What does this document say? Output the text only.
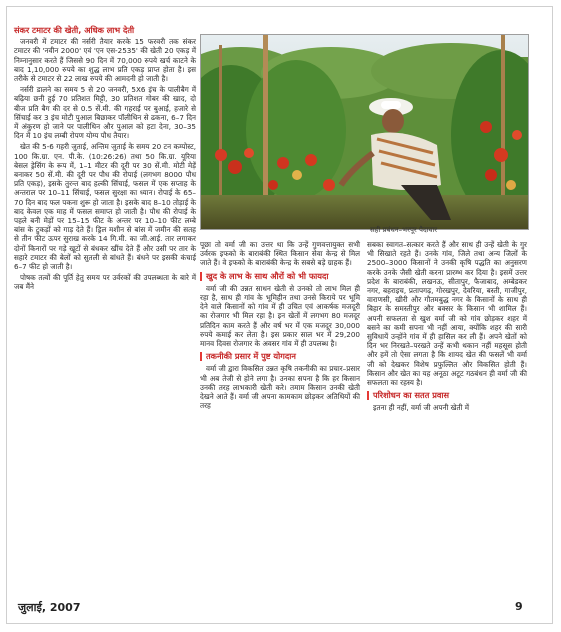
संकर टमाटर की खेती, अधिक लाभ देती

जनवरी में टमाटर की नर्सरी तैयार करके 15 फरवरी तक संकर टमाटर की 'नवीन 2000' एवं 'एन एस-2535' की खेती 20 एकड़ में निम्नानुसार करते हैं जिससे 90 दिन में 70,000 रुपये खर्च काटने के बाद 1,10,000 रुपये का शुद्ध लाभ प्रति एकड़ प्राप्त होता है। इस तरीके से टमाटर से 22 लाख रुपये की आमदनी हो जाती है।

नर्सरी डालने का समय 5 से 20 जनवरी, 5X6 इंच के पालीबैग में बढ़िया छनी हुई 70 प्रतिशत मिट्टी, 30 प्रतिशत गोबर की खाद, दो बीज प्रति बैग की दर से 0.5 सें.मी. की गहराई पर बुआई, हजारे से सिंचाई कर 3 इंच मोटी पुआल बिछाकर पॉलीथिन से ढकना, 6–7 दिन में अंकुरण हो जाने पर पालीथिन और पुआल को हटा देना, 30–35 दिन में 10 इंच लम्बी रोपण योग्य पौध तैयार।

खेत की 5-6 गहरी जुताई, अन्तिम जुताई के समय 20 टन कम्पोस्ट, 100 कि.ग्रा. एन. पी.के. (10:26:26) तथा 50 कि.ग्रा. यूरिया बेसल ड्रेसिंग के रूप में, 1–1 मीटर की दूरी पर 30 सें.मी. मोटी मेड़ें बनाकर 50 सें.मी. की दूरी पर पौध की रोपाई (लगभग 8000 पौध प्रति एकड़), इसके तुरन्त बाद हल्की सिंचाई, फसल में एक सप्ताह के अन्तराल पर 10–11 सिंचाई, फसल सुरक्षा का ध्यान। रोपाई के 65–70 दिन बाद फल पकना शुरू हो जाता है। इसके बाद 8–10 तोड़ाई के बाद केवल एक माह में फसल समाप्त हो जाती है। पौध की रोपाई के पहले बनी मेड़ों पर 15–15 फीट के अन्तर पर 10–10 फीट लम्बे बांस के टुकड़ों को गाड़ देते हैं। ड्रिल मशीन से बांस में जमीन की सतह से तीन फीट ऊपर सुराख करके 14 गि.मी. का जी.आई. तार लगाकर दोनों किनारों पर गड़े खूटों से बंधकर खींच देते हैं और उसी पर तार के सहारे टमाटर की बेलों को सुतली से बांधते हैं। बंधने पर इसकी कंचाई 6–7 फीट हो जाती है।

पोषक तत्वों की पूर्ति हेतु समय पर उर्वरकों की उपलब्धता के बारे में जब मैंने

सही प्रबंधन–भरपूर पैदावार

पूछा तो वर्मा जी का उत्तर था कि उन्हें गुणवत्तायुक्त सभी उर्वरक इफको के बाराबंकी स्थित किसान सेवा केन्द्र से मिल जाते हैं। वे इफको के बाराबंकी केन्द्र के सबसे बड़े ग्राहक हैं।

खुद के लाभ के साथ औरों को भी फायदा

वर्मा जी की उन्नत साधन खेती से उनको तो लाभ मिल ही रहा है, साथ ही गांव के भूमिहीन तथा उनसे किराये पर भूमि देने वाले किसानों को गांव में ही उचित एवं आकर्षक मजदूरी का रोजगार भी मिल रहा है। इन खेतों में लगभग 80 मजदूर प्रतिदिन काम करते हैं और वर्ष भर में एक मजदूर 30,000 रुपये कमाई कर लेता है। इस प्रकार साल भर में 29,200 मानव दिवस रोजगार के अवसर गांव में ही उपलब्ध है।

तकनीकी प्रसार में पुष्ट योगदान

वर्मा जी द्वारा विकसित उन्नत कृषि तकनीकी का प्रचार–प्रसार भी अब तेजी से होने लगा है। उनका सपना है कि हर किसान उनकी तरह लाभकारी खेती करे। तमाम किसान उनकी खेती देखने आते हैं। वर्मा जी अपना कामकाम छोड़कर अतिथियों की तरह

सबका स्वागत–सत्कार करते हैं और साथ ही उन्हें खेती के गुर भी सिखाते रहते हैं। उनके गांव, जिले तथा अन्य जिलों के 2500–3000 किसानों ने उनकी कृषि पद्धति का अनुसरण करके उनके जैसी खेती करना प्रारम्भ कर दिया है। इसमें उत्तर प्रदेश के बाराबंकी, लखनऊ, सीतापुर, फैजाबाद, अम्बेडकर नगर, बहराइच, प्रतापगढ़, गोरखपुर, देवरिया, बस्ती, गाजीपुर, वाराणसी, खीरी और गौतमबुद्ध नगर के किसानों के साथ ही बिहार के समस्तीपुर और बक्सर के किसान भी शामिल हैं। अपनी सफलता से खुश वर्मा जी को गांव छोड़कर शहर में बसने का कमी सपना भी नहीं आया, क्योंकि शहर की सारी सुविधायें उन्होंने गांव में ही हासिल कर ली हैं। अपने खेतों को दिन भर निरखते–परखते उन्हें कभी थकान नहीं महसूस होती और हमें तो ऐसा लगता है कि शायद खेत की फसलें भी वर्मा जी को देखकर विशेष प्रफुल्लित और विकसित होती हैं। किसान और खेत का यह अनूठा अटूट गठबंधन ही वर्मा जी की सफलता का रहस्य है।

परिशोधन का सतत प्रवास

इतना ही नहीं, वर्मा जी अपनी खेती में

जुलाई, 2007	9
